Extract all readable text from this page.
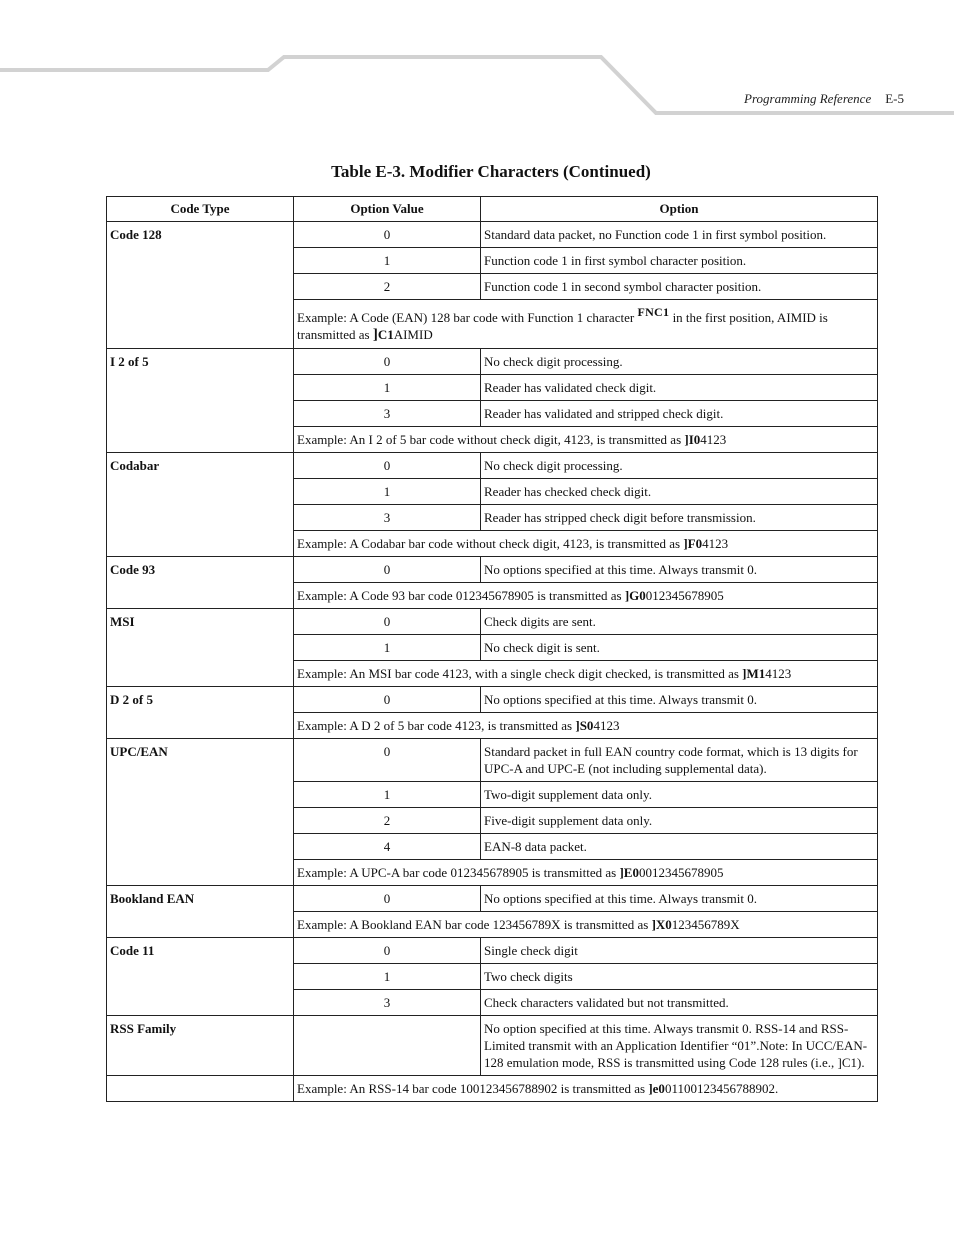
Programming Reference E-5
Table E-3. Modifier Characters (Continued)
Code Type	Option Value	Option
Code 128	0	Standard data packet, no Function code 1 in first symbol position.
	1	Function code 1 in first symbol character position.
	2	Function code 1 in second symbol character position.
	Example: A Code (EAN) 128 bar code with Function 1 character FNC1 in the first position, AIMID is transmitted as ]C1AIMID	
I 2 of 5	0	No check digit processing.
	1	Reader has validated check digit.
	3	Reader has validated and stripped check digit.
	Example: An I 2 of 5 bar code without check digit, 4123, is transmitted as ]I04123	
Codabar	0	No check digit processing.
	1	Reader has checked check digit.
	3	Reader has stripped check digit before transmission.
	Example: A Codabar bar code without check digit, 4123, is transmitted as ]F04123	
Code 93	0	No options specified at this time. Always transmit 0.
	Example: A Code 93 bar code 012345678905 is transmitted as ]G0012345678905	
MSI	0	Check digits are sent.
	1	No check digit is sent.
	Example: An MSI bar code 4123, with a single check digit checked, is transmitted as ]M14123	
D 2 of 5	0	No options specified at this time. Always transmit 0.
	Example: A D 2 of 5 bar code 4123, is transmitted as ]S04123	
UPC/EAN	0	Standard packet in full EAN country code format, which is 13 digits for UPC-A and UPC-E (not including supplemental data).
	1	Two-digit supplement data only.
	2	Five-digit supplement data only.
	4	EAN-8 data packet.
	Example: A UPC-A bar code 012345678905 is transmitted as ]E00012345678905	
Bookland EAN	0	No options specified at this time. Always transmit 0.
	Example: A Bookland EAN bar code 123456789X is transmitted as ]X0123456789X	
Code 11	0	Single check digit
	1	Two check digits
	3	Check characters validated but not transmitted.
RSS Family		No option specified at this time. Always transmit 0. RSS-14 and RSS-Limited transmit with an Application Identifier “01”.Note: In UCC/EAN-128 emulation mode, RSS is transmitted using Code 128 rules (i.e., ]C1).
	Example: An RSS-14 bar code 100123456788902 is transmitted as ]e001100123456788902.	
